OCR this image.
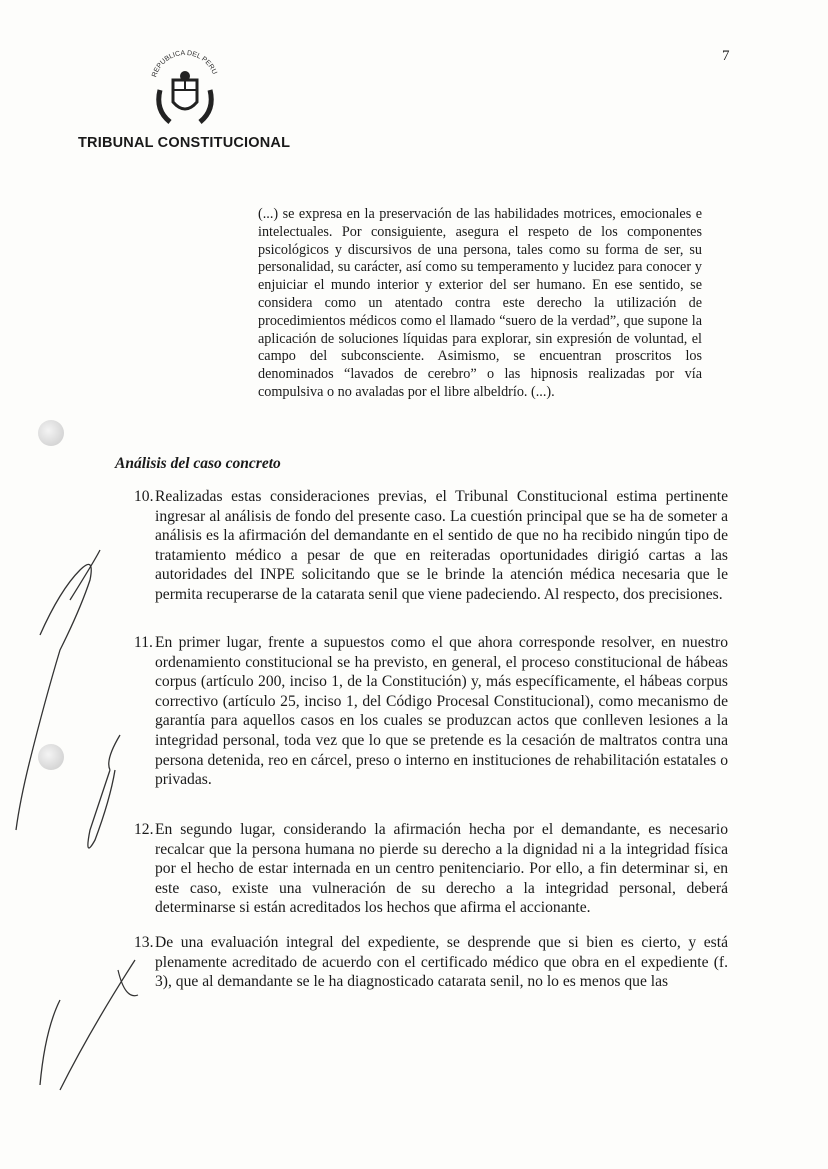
7
REPUBLICA DEL PERU
TRIBUNAL CONSTITUCIONAL
(...) se expresa en la preservación de las habilidades motrices, emocionales e intelectuales. Por consiguiente, asegura el respeto de los componentes psicológicos y discursivos de una persona, tales como su forma de ser, su personalidad, su carácter, así como su temperamento y lucidez para conocer y enjuiciar el mundo interior y exterior del ser humano. En ese sentido, se considera como un atentado contra este derecho la utilización de procedimientos médicos como el llamado “suero de la verdad”, que supone la aplicación de soluciones líquidas para explorar, sin expresión de voluntad, el campo del subconsciente. Asimismo, se encuentran proscritos los denominados “lavados de cerebro” o las hipnosis realizadas por vía compulsiva o no avaladas por el libre albeldrío. (...).
Análisis del caso concreto
10. Realizadas estas consideraciones previas, el Tribunal Constitucional estima pertinente ingresar al análisis de fondo del presente caso. La cuestión principal que se ha de someter a análisis es la afirmación del demandante en el sentido de que no ha recibido ningún tipo de tratamiento médico a pesar de que en reiteradas oportunidades dirigió cartas a las autoridades del INPE solicitando que se le brinde la atención médica necesaria que le permita recuperarse de la catarata senil que viene padeciendo. Al respecto, dos precisiones.
11. En primer lugar, frente a supuestos como el que ahora corresponde resolver, en nuestro ordenamiento constitucional se ha previsto, en general, el proceso constitucional de hábeas corpus (artículo 200, inciso 1, de la Constitución) y, más específicamente, el hábeas corpus correctivo (artículo 25, inciso 1, del Código Procesal Constitucional), como mecanismo de garantía para aquellos casos en los cuales se produzcan actos que conlleven lesiones a la integridad personal, toda vez que lo que se pretende es la cesación de maltratos contra una persona detenida, reo en cárcel, preso o interno en instituciones de rehabilitación estatales o privadas.
12. En segundo lugar, considerando la afirmación hecha por el demandante, es necesario recalcar que la persona humana no pierde su derecho a la dignidad ni a la integridad física por el hecho de estar internada en un centro penitenciario. Por ello, a fin determinar si, en este caso, existe una vulneración de su derecho a la integridad personal, deberá determinarse si están acreditados los hechos que afirma el accionante.
13. De una evaluación integral del expediente, se desprende que si bien es cierto, y está plenamente acreditado de acuerdo con el certificado médico que obra en el expediente (f. 3), que al demandante se le ha diagnosticado catarata senil, no lo es menos que las
